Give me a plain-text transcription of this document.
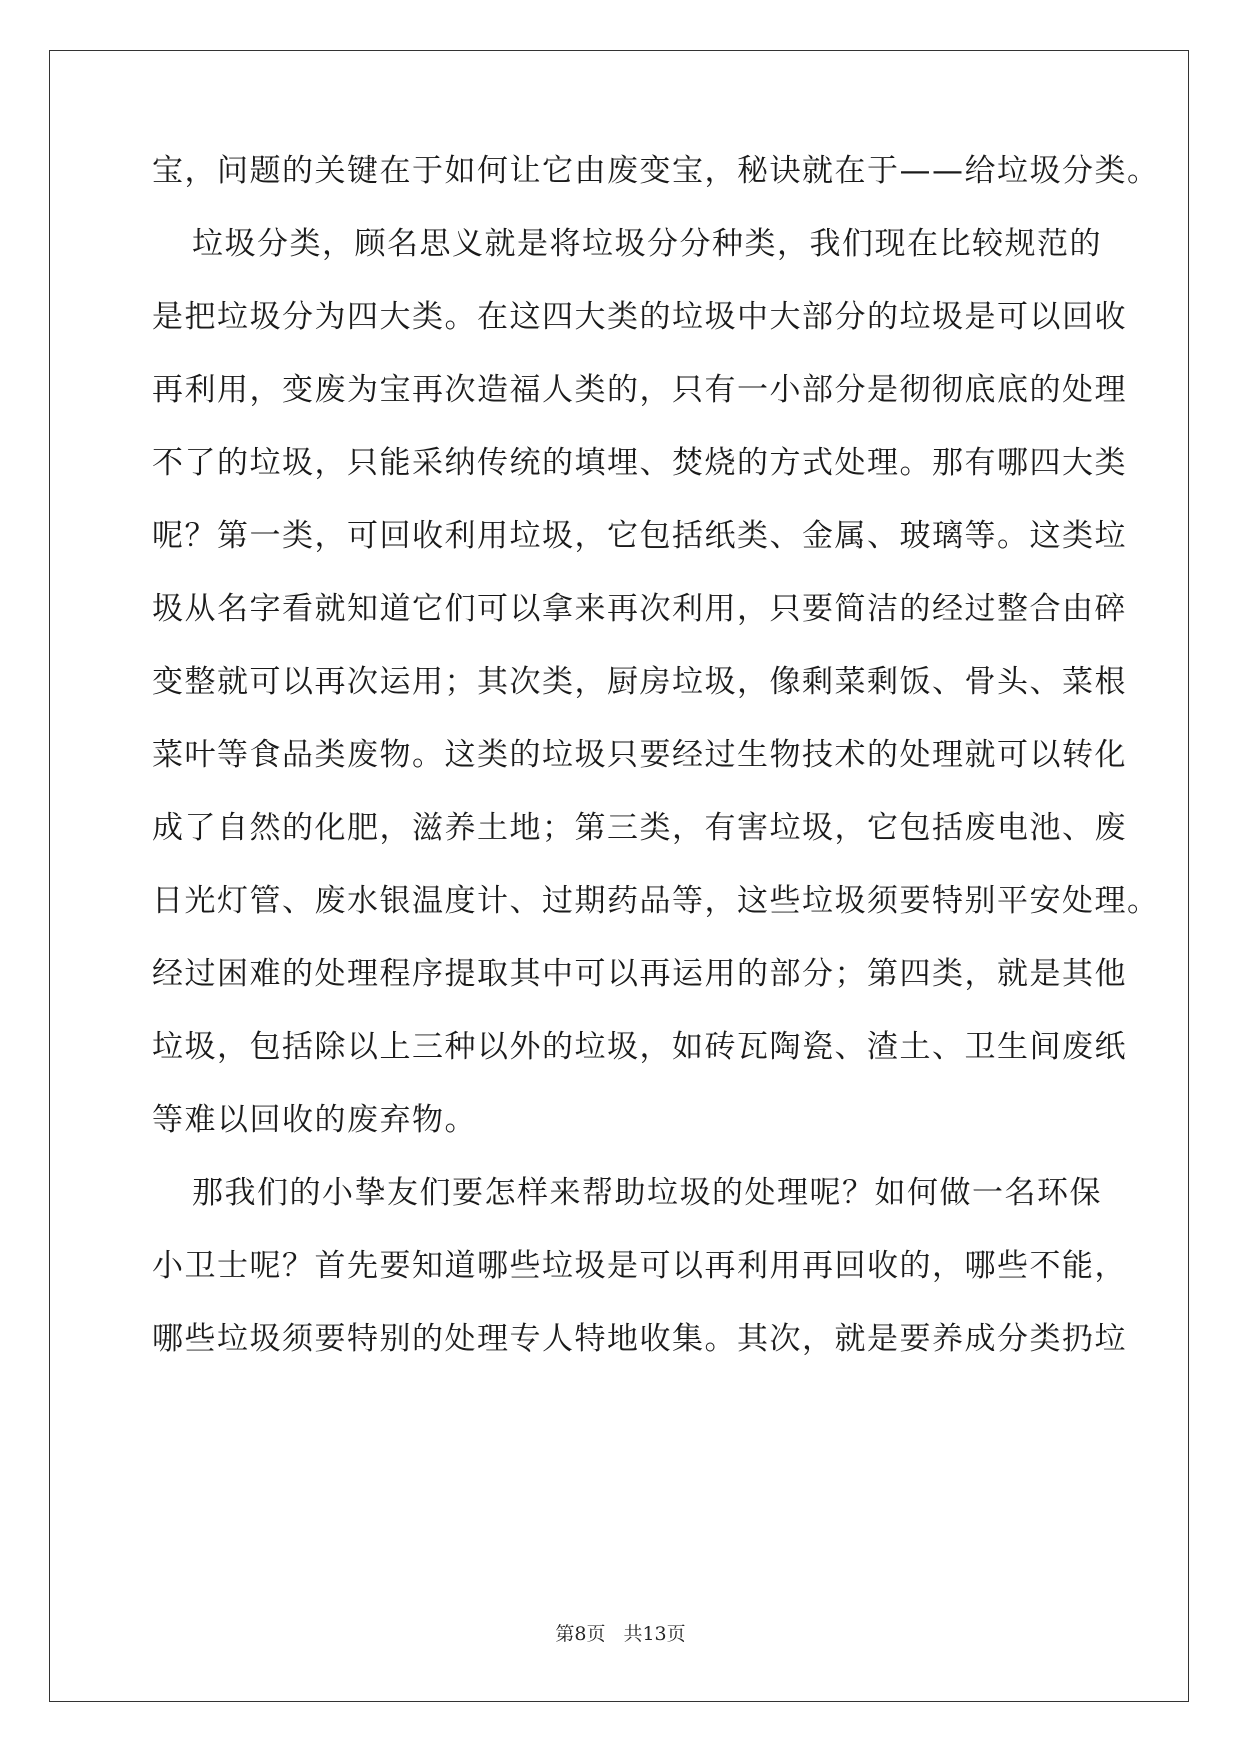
宝，问题的关键在于如何让它由废变宝，秘诀就在于——给垃圾分类。

垃圾分类，顾名思义就是将垃圾分分种类，我们现在比较规范的

是把垃圾分为四大类。在这四大类的垃圾中大部分的垃圾是可以回收

再利用，变废为宝再次造福人类的，只有一小部分是彻彻底底的处理

不了的垃圾，只能采纳传统的填埋、焚烧的方式处理。那有哪四大类

呢？第一类，可回收利用垃圾，它包括纸类、金属、玻璃等。这类垃

圾从名字看就知道它们可以拿来再次利用，只要简洁的经过整合由碎

变整就可以再次运用；其次类，厨房垃圾，像剩菜剩饭、骨头、菜根

菜叶等食品类废物。这类的垃圾只要经过生物技术的处理就可以转化

成了自然的化肥，滋养土地；第三类，有害垃圾，它包括废电池、废

日光灯管、废水银温度计、过期药品等，这些垃圾须要特别平安处理。

经过困难的处理程序提取其中可以再运用的部分；第四类，就是其他

垃圾，包括除以上三种以外的垃圾，如砖瓦陶瓷、渣土、卫生间废纸

等难以回收的废弃物。

那我们的小挚友们要怎样来帮助垃圾的处理呢？如何做一名环保

小卫士呢？首先要知道哪些垃圾是可以再利用再回收的，哪些不能，

哪些垃圾须要特别的处理专人特地收集。其次，就是要养成分类扔垃

第8页 共13页
